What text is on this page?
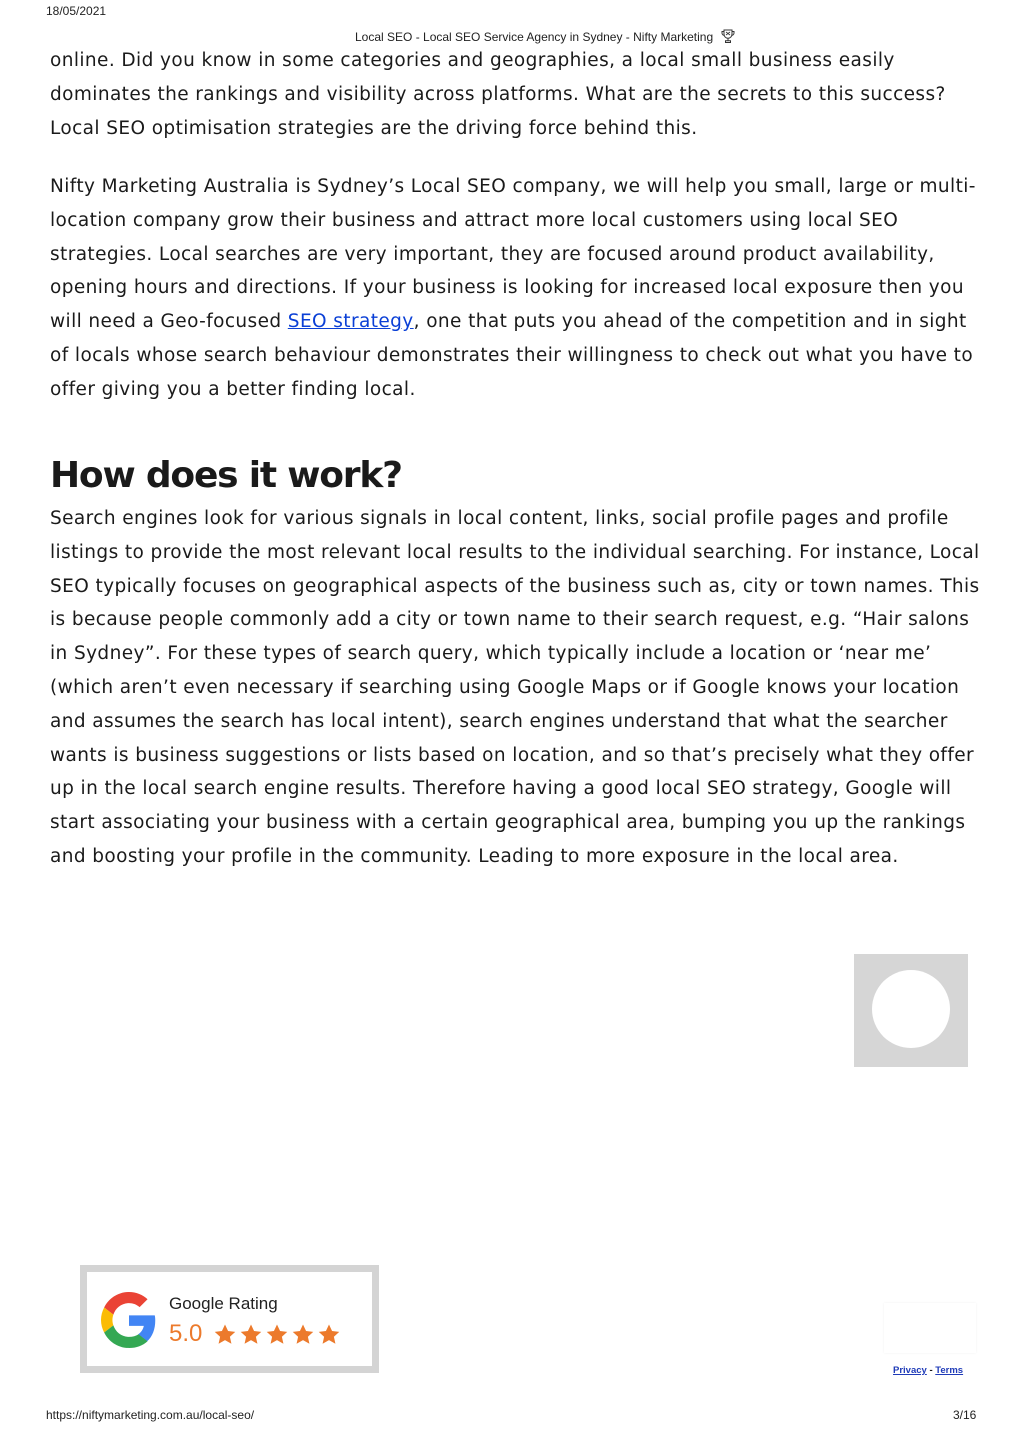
18/05/2021
Local SEO - Local SEO Service Agency in Sydney - Nifty Marketing

online. Did you know in some categories and geographies, a local small business easily dominates the rankings and visibility across platforms. What are the secrets to this success? Local SEO optimisation strategies are the driving force behind this.

Nifty Marketing Australia is Sydney’s Local SEO company, we will help you small, large or multi-location company grow their business and attract more local customers using local SEO strategies. Local searches are very important, they are focused around product availability, opening hours and directions. If your business is looking for increased local exposure then you will need a Geo-focused SEO strategy, one that puts you ahead of the competition and in sight of locals whose search behaviour demonstrates their willingness to check out what you have to offer giving you a better finding local.

How does it work?

Search engines look for various signals in local content, links, social profile pages and profile listings to provide the most relevant local results to the individual searching. For instance, Local SEO typically focuses on geographical aspects of the business such as, city or town names. This is because people commonly add a city or town name to their search request, e.g. “Hair salons in Sydney”. For these types of search query, which typically include a location or ‘near me’ (which aren’t even necessary if searching using Google Maps or if Google knows your location and assumes the search has local intent), search engines understand that what the searcher wants is business suggestions or lists based on location, and so that’s precisely what they offer up in the local search engine results. Therefore having a good local SEO strategy, Google will start associating your business with a certain geographical area, bumping you up the rankings and boosting your profile in the community. Leading to more exposure in the local area.

Google Rating
5.0
Privacy - Terms
https://niftymarketing.com.au/local-seo/	3/16
